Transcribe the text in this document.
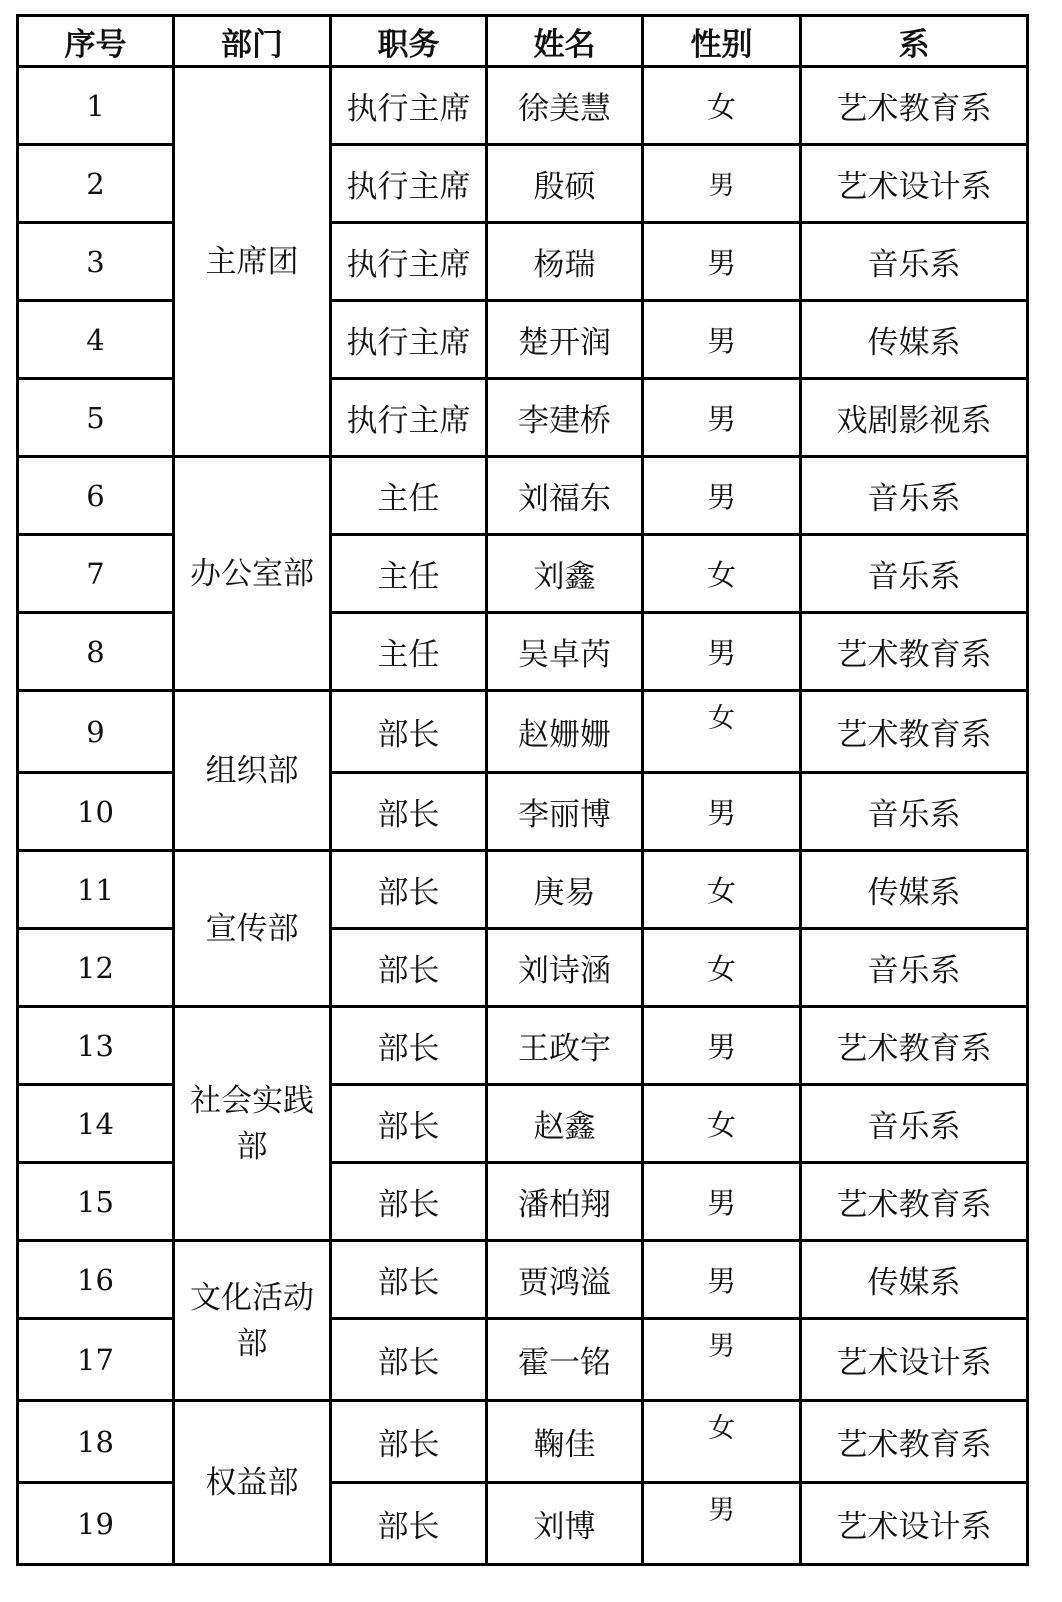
序号	部门	职务	姓名	性别	系
1	主席团	执行主席	徐美慧	女	艺术教育系
2		执行主席	殷硕	男	艺术设计系
3		执行主席	杨瑞	男	音乐系
4		执行主席	楚开润	男	传媒系
5		执行主席	李建桥	男	戏剧影视系
6	办公室部	主任	刘福东	男	音乐系
7		主任	刘鑫	女	音乐系
8		主任	吴卓芮	男	艺术教育系
9	组织部	部长	赵姗姗	女	艺术教育系
10		部长	李丽博	男	音乐系
11	宣传部	部长	庚易	女	传媒系
12		部长	刘诗涵	女	音乐系
13	社会实践部	部长	王政宇	男	艺术教育系
14		部长	赵鑫	女	音乐系
15		部长	潘柏翔	男	艺术教育系
16	文化活动部	部长	贾鸿溢	男	传媒系
17		部长	霍一铭	男	艺术设计系
18	权益部	部长	鞠佳	女	艺术教育系
19		部长	刘博	男	艺术设计系
